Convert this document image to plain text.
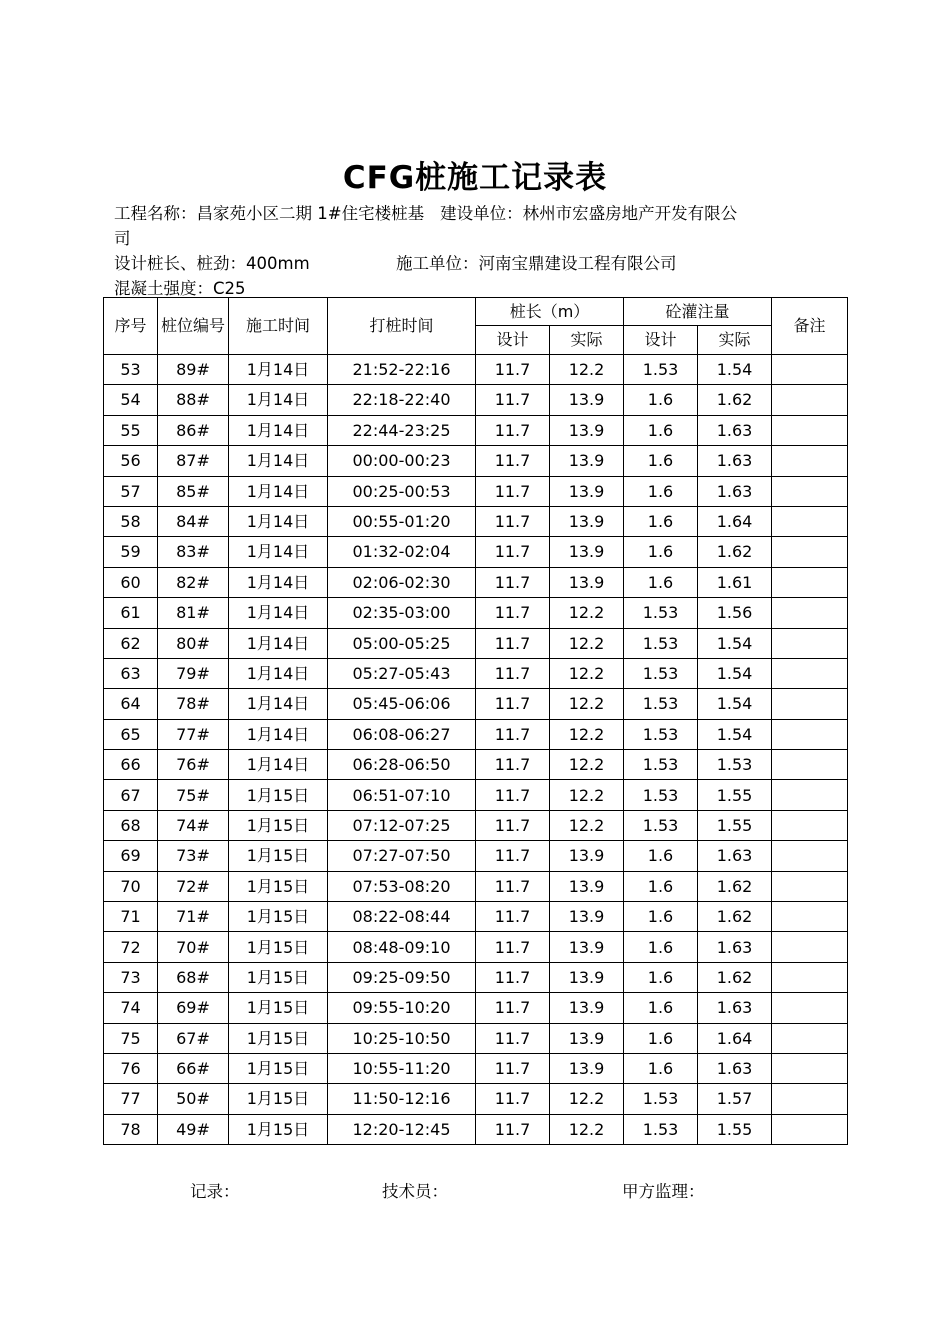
CFG桩施工记录表
工程名称：昌家苑小区二期 1#住宅楼桩基 建设单位：林州市宏盛房地产开发有限公
司
设计桩长、桩劲：400mm	施工单位：河南宝鼎建设工程有限公司
混凝土强度：C25
序号	桩位编号	施工时间	打桩时间	桩长（m）		砼灌注量		备注
				设计	实际	设计	实际	
53	89#	1月14日	21:52-22:16	11.7	12.2	1.53	1.54	
54	88#	1月14日	22:18-22:40	11.7	13.9	1.6	1.62	
55	86#	1月14日	22:44-23:25	11.7	13.9	1.6	1.63	
56	87#	1月14日	00:00-00:23	11.7	13.9	1.6	1.63	
57	85#	1月14日	00:25-00:53	11.7	13.9	1.6	1.63	
58	84#	1月14日	00:55-01:20	11.7	13.9	1.6	1.64	
59	83#	1月14日	01:32-02:04	11.7	13.9	1.6	1.62	
60	82#	1月14日	02:06-02:30	11.7	13.9	1.6	1.61	
61	81#	1月14日	02:35-03:00	11.7	12.2	1.53	1.56	
62	80#	1月14日	05:00-05:25	11.7	12.2	1.53	1.54	
63	79#	1月14日	05:27-05:43	11.7	12.2	1.53	1.54	
64	78#	1月14日	05:45-06:06	11.7	12.2	1.53	1.54	
65	77#	1月14日	06:08-06:27	11.7	12.2	1.53	1.54	
66	76#	1月14日	06:28-06:50	11.7	12.2	1.53	1.53	
67	75#	1月15日	06:51-07:10	11.7	12.2	1.53	1.55	
68	74#	1月15日	07:12-07:25	11.7	12.2	1.53	1.55	
69	73#	1月15日	07:27-07:50	11.7	13.9	1.6	1.63	
70	72#	1月15日	07:53-08:20	11.7	13.9	1.6	1.62	
71	71#	1月15日	08:22-08:44	11.7	13.9	1.6	1.62	
72	70#	1月15日	08:48-09:10	11.7	13.9	1.6	1.63	
73	68#	1月15日	09:25-09:50	11.7	13.9	1.6	1.62	
74	69#	1月15日	09:55-10:20	11.7	13.9	1.6	1.63	
75	67#	1月15日	10:25-10:50	11.7	13.9	1.6	1.64	
76	66#	1月15日	10:55-11:20	11.7	13.9	1.6	1.63	
77	50#	1月15日	11:50-12:16	11.7	12.2	1.53	1.57	
78	49#	1月15日	12:20-12:45	11.7	12.2	1.53	1.55	
记录：	技术员：	甲方监理：
